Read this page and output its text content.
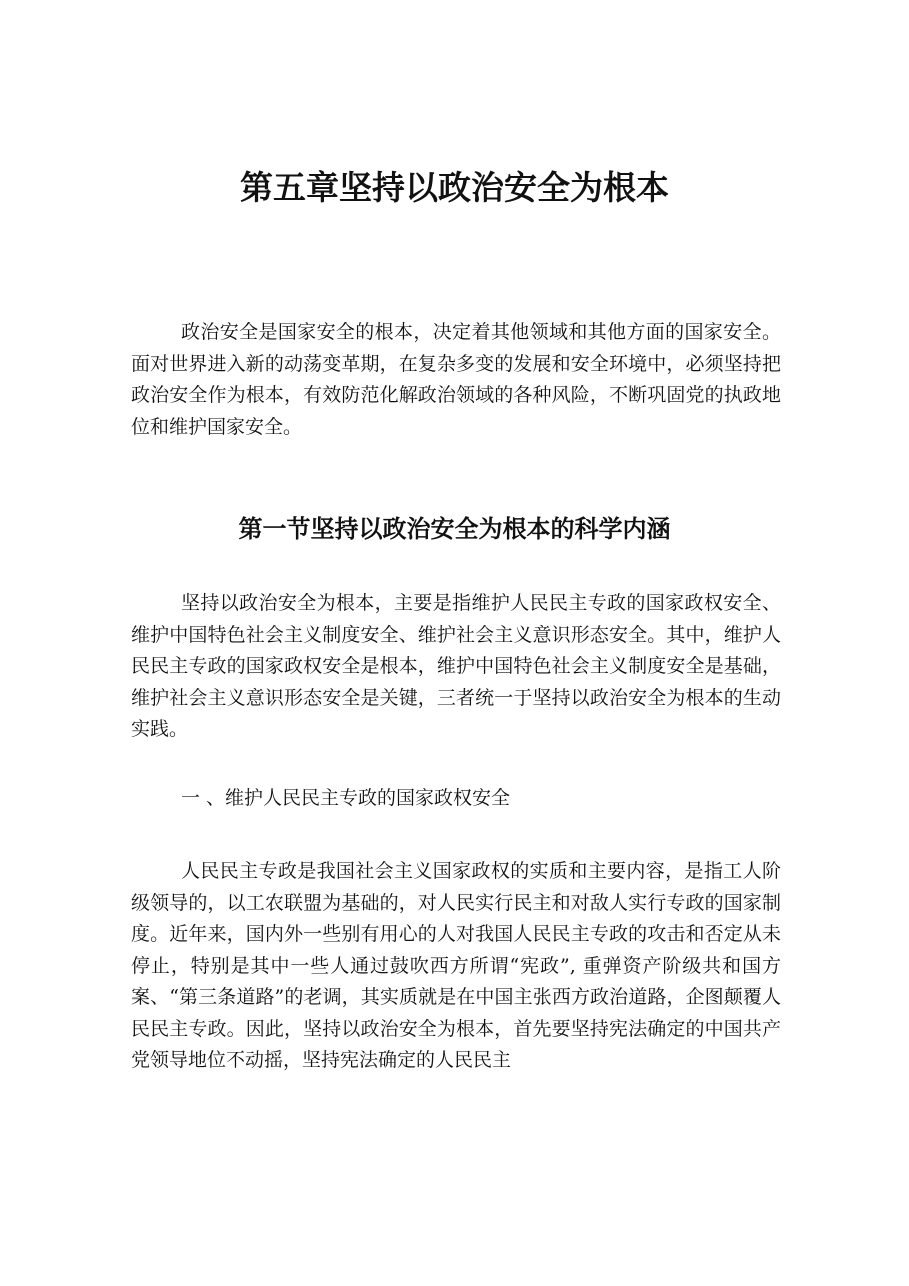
第五章坚持以政治安全为根本

政治安全是国家安全的根本，决定着其他领域和其他方面的国家安全。面对世界进入新的动荡变革期，在复杂多变的发展和安全环境中，必须坚持把政治安全作为根本，有效防范化解政治领域的各种风险，不断巩固党的执政地位和维护国家安全。

第一节坚持以政治安全为根本的科学内涵

坚持以政治安全为根本，主要是指维护人民民主专政的国家政权安全、维护中国特色社会主义制度安全、维护社会主义意识形态安全。其中，维护人民民主专政的国家政权安全是根本，维护中国特色社会主义制度安全是基础，维护社会主义意识形态安全是关键，三者统一于坚持以政治安全为根本的生动实践。

一 、维护人民民主专政的国家政权安全

人民民主专政是我国社会主义国家政权的实质和主要内容，是指工人阶级领导的，以工农联盟为基础的，对人民实行民主和对敌人实行专政的国家制度。近年来，国内外一些别有用心的人对我国人民民主专政的攻击和否定从未停止，特别是其中一些人通过鼓吹西方所谓“宪政”, 重弹资产阶级共和国方案、“第三条道路”的老调，其实质就是在中国主张西方政治道路，企图颠覆人民民主专政。因此，坚持以政治安全为根本，首先要坚持宪法确定的中国共产党领导地位不动摇，坚持宪法确定的人民民主
